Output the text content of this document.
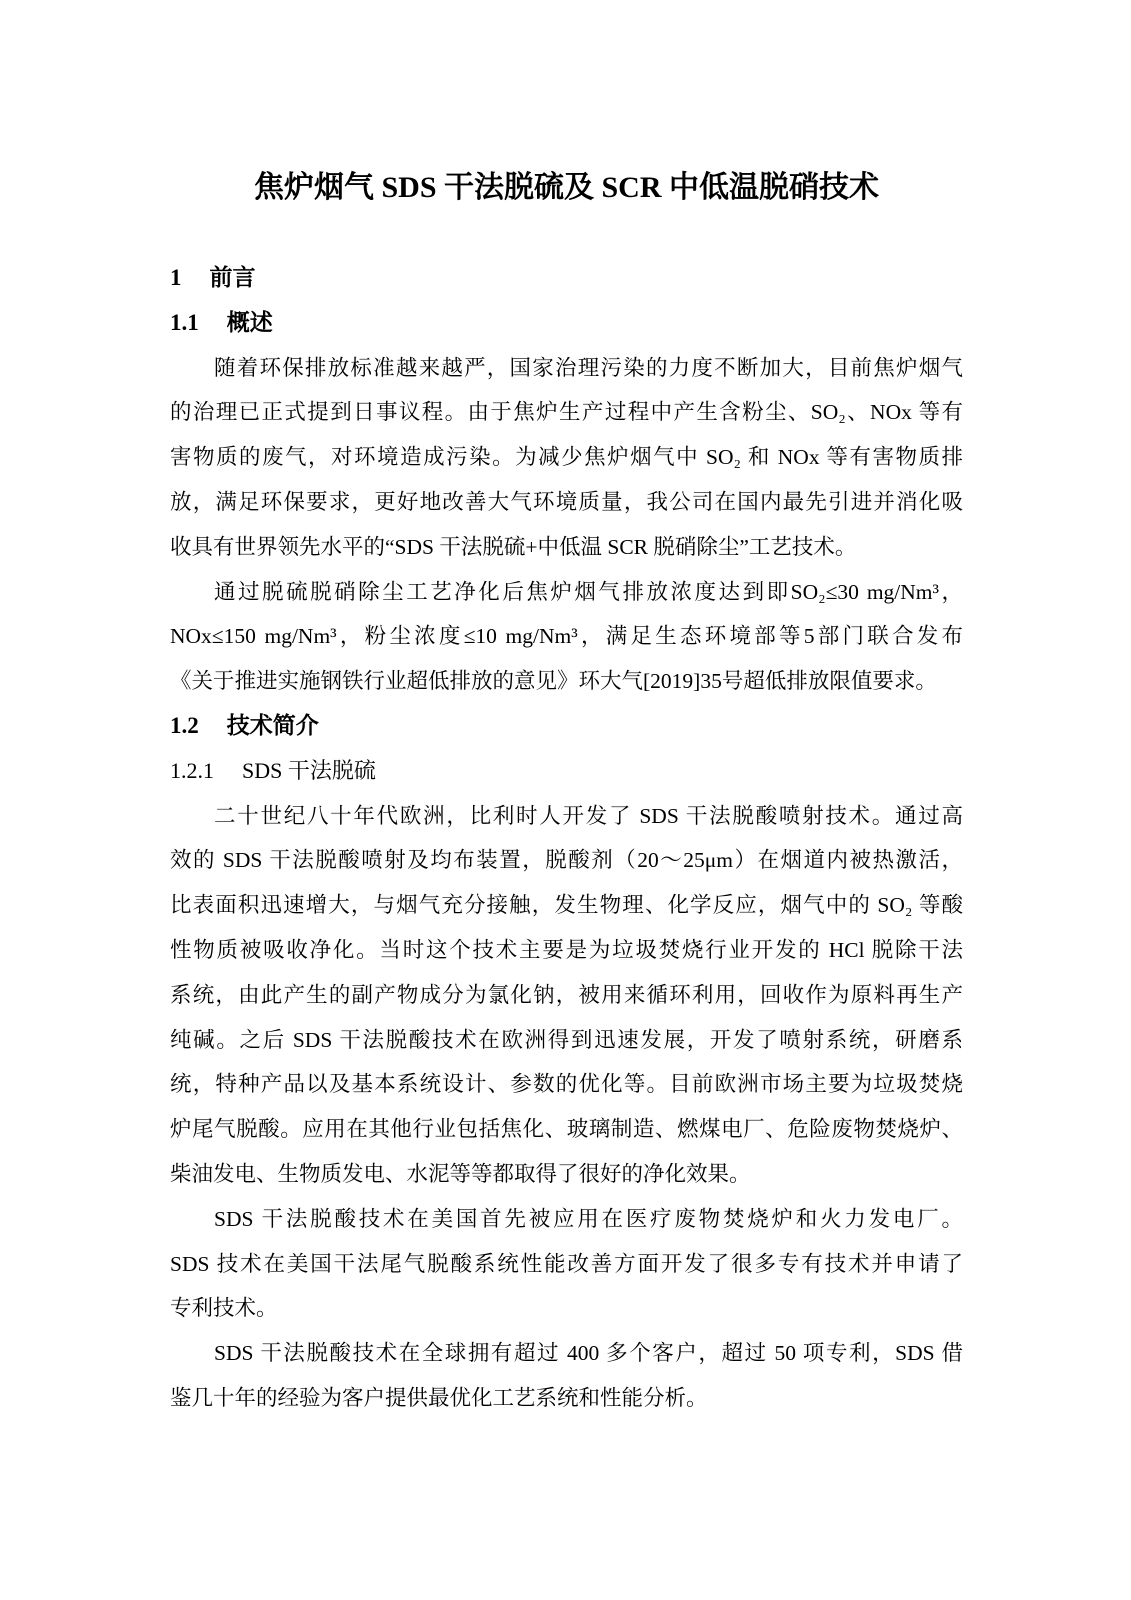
焦炉烟气 SDS 干法脱硫及 SCR 中低温脱硝技术
1 前言
1.1 概述
随着环保排放标准越来越严，国家治理污染的力度不断加大，目前焦炉烟气
的治理已正式提到日事议程。由于焦炉生产过程中产生含粉尘、SO₂、NOx 等有
害物质的废气，对环境造成污染。为减少焦炉烟气中 SO₂ 和 NOx 等有害物质排
放，满足环保要求，更好地改善大气环境质量，我公司在国内最先引进并消化吸
收具有世界领先水平的“SDS 干法脱硫+中低温 SCR 脱硝除尘”工艺技术。
通过脱硫脱硝除尘工艺净化后焦炉烟气排放浓度达到即SO₂≤30 mg/Nm³，
NOx≤150 mg/Nm³，粉尘浓度≤10 mg/Nm³，满足生态环境部等5部门联合发布
《关于推进实施钢铁行业超低排放的意见》环大气[2019]35号超低排放限值要求。
1.2 技术简介
1.2.1 SDS 干法脱硫
二十世纪八十年代欧洲，比利时人开发了 SDS 干法脱酸喷射技术。通过高
效的 SDS 干法脱酸喷射及均布装置，脱酸剂（20～25μm）在烟道内被热激活，
比表面积迅速增大，与烟气充分接触，发生物理、化学反应，烟气中的 SO₂ 等酸
性物质被吸收净化。当时这个技术主要是为垃圾焚烧行业开发的 HCl 脱除干法
系统，由此产生的副产物成分为氯化钠，被用来循环利用，回收作为原料再生产
纯碱。之后 SDS 干法脱酸技术在欧洲得到迅速发展，开发了喷射系统，研磨系
统，特种产品以及基本系统设计、参数的优化等。目前欧洲市场主要为垃圾焚烧
炉尾气脱酸。应用在其他行业包括焦化、玻璃制造、燃煤电厂、危险废物焚烧炉、
柴油发电、生物质发电、水泥等等都取得了很好的净化效果。
SDS 干法脱酸技术在美国首先被应用在医疗废物焚烧炉和火力发电厂。
SDS 技术在美国干法尾气脱酸系统性能改善方面开发了很多专有技术并申请了
专利技术。
SDS 干法脱酸技术在全球拥有超过 400 多个客户，超过 50 项专利，SDS 借
鉴几十年的经验为客户提供最优化工艺系统和性能分析。
